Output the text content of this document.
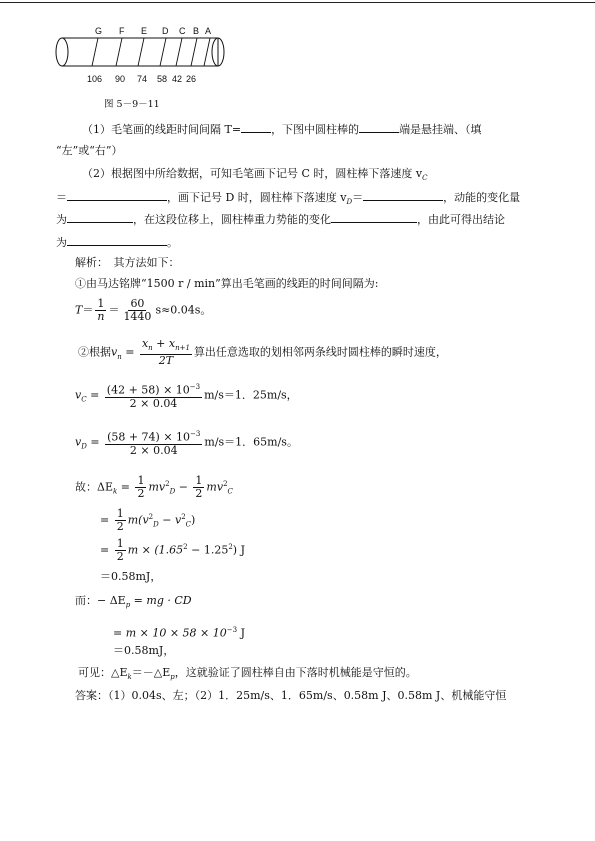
G F E D C B A
106 90 74 58 42 26
图 5－9－11
（1）毛笔画的线距时间间隔 T=	，下图中圆柱棒的	端是悬挂端、（填
“左”或“右”）
（2）根据图中所给数据，可知毛笔画下记号 C 时，圆柱棒下落速度 $v_C$
＝	，画下记号 D 时，圆柱棒下落速度 $v_D=$	，动能的变化量
为	，在这段位移上，圆柱棒重力势能的变化	，由此可得出结论
为	。
解析：　其方法如下：
①由马达铭牌“1500 r / min”算出毛笔画的线距的时间间隔为:
$T= \frac{1}{n} = \frac{60}{1440} s\approx 0.04s$。
②根据$v_n = \frac{x_n + x_{n+1}}{2T}$ 算出任意选取的划相邻两条线时圆柱棒的瞬时速度，
$v_C = \frac{(42 + 58) \times 10^{-3}}{2 \times 0.04} m/s=1$．25m/s，
$v_D = \frac{(58 + 74) \times 10^{-3}}{2 \times 0.04} m/s=1$．65m/s。
故：$\Delta E_k = \frac{1}{2} mv^2_D - \frac{1}{2} mv^2_C$
= $\frac{1}{2} m(v^2_D - v^2_C)$
= $\frac{1}{2}$ $m \times (1.65^2 - 1.25^2)$ J
＝0.58mJ，
而：− $\Delta E_p$ = mg · CD
= $m \times 10 \times 58 \times 10^{-3}$ J
＝0.58mJ，
可见：$\triangle E_k=-\triangle E_p$，这就验证了圆柱棒自由下落时机械能是守恒的。
答案：（1）0.04s、左；（2）1．25m/s、1．65m/s、0.58m J、0.58m J、机械能守恒
